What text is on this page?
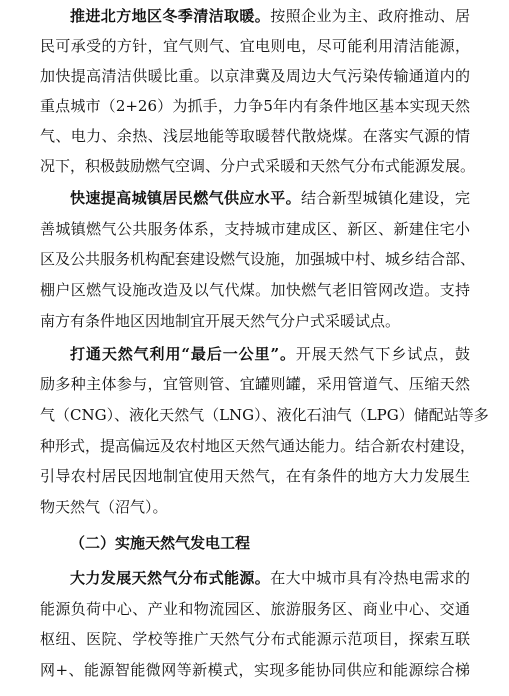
推进北方地区冬季清洁取暖。按照企业为主、政府推动、居
民可承受的方针，宜气则气、宜电则电，尽可能利用清洁能源，
加快提高清洁供暖比重。以京津冀及周边大气污染传输通道内的
重点城市（2+26）为抓手，力争5年内有条件地区基本实现天然
气、电力、余热、浅层地能等取暖替代散烧煤。在落实气源的情
况下，积极鼓励燃气空调、分户式采暖和天然气分布式能源发展。
快速提高城镇居民燃气供应水平。结合新型城镇化建设，完
善城镇燃气公共服务体系，支持城市建成区、新区、新建住宅小
区及公共服务机构配套建设燃气设施，加强城中村、城乡结合部、
棚户区燃气设施改造及以气代煤。加快燃气老旧管网改造。支持
南方有条件地区因地制宜开展天然气分户式采暖试点。
打通天然气利用“最后一公里”。开展天然气下乡试点，鼓
励多种主体参与，宜管则管、宜罐则罐，采用管道气、压缩天然
气（CNG）、液化天然气（LNG）、液化石油气（LPG）储配站等多
种形式，提高偏远及农村地区天然气通达能力。结合新农村建设，
引导农村居民因地制宜使用天然气，在有条件的地方大力发展生
物天然气（沼气）。
（二）实施天然气发电工程
大力发展天然气分布式能源。在大中城市具有冷热电需求的
能源负荷中心、产业和物流园区、旅游服务区、商业中心、交通
枢纽、医院、学校等推广天然气分布式能源示范项目，探索互联
网+、能源智能微网等新模式，实现多能协同供应和能源综合梯
